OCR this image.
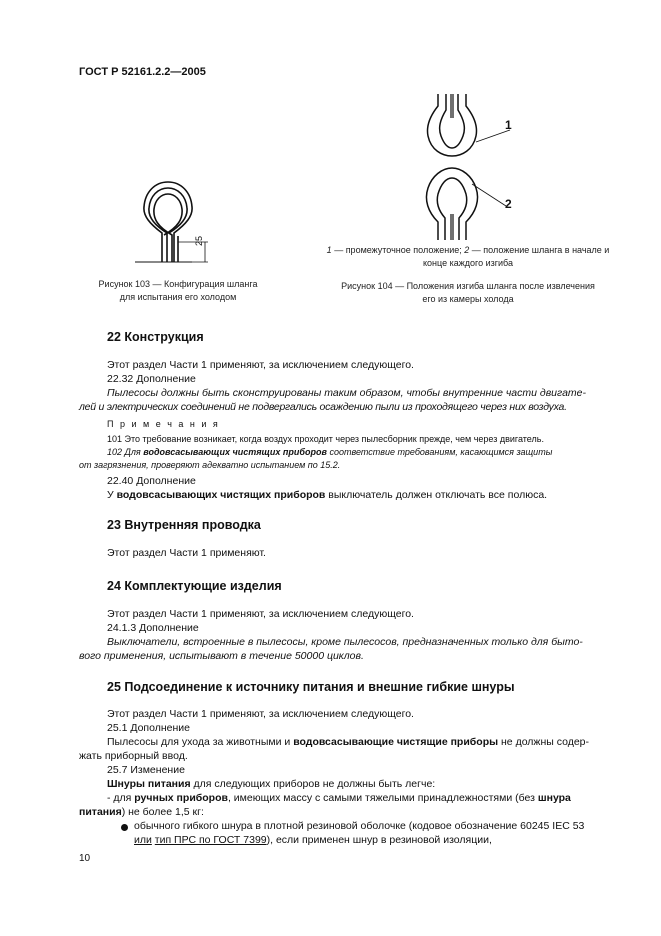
ГОСТ Р 52161.2.2—2005
25
Рисунок 103 — Конфигурация шланга
для испытания его холодом
1
2
1 — промежуточное положение; 2 — положение шланга в начале и
конце каждого изгиба
Рисунок 104 — Положения изгиба шланга после извлечения
его из камеры холода
22 Конструкция
Этот раздел Части 1 применяют, за исключением следующего.
22.32 Дополнение
Пылесосы должны быть сконструированы таким образом, чтобы внутренние части двигате-
лей и электрических соединений не подвергались осаждению пыли из проходящего через них воздуха.
П р и м е ч а н и я
101 Это требование возникает, когда воздух проходит через пылесборник прежде, чем через двигатель.
102 Для водовсасывающих чистящих приборов соответствие требованиям, касающимся защиты
от загрязнения, проверяют адекватно испытанием по 15.2.
22.40 Дополнение
У водовсасывающих чистящих приборов выключатель должен отключать все полюса.
23 Внутренняя проводка
Этот раздел Части 1 применяют.
24 Комплектующие изделия
Этот раздел Части 1 применяют, за исключением следующего.
24.1.3 Дополнение
Выключатели, встроенные в пылесосы, кроме пылесосов, предназначенных только для быто-
вого применения, испытывают в течение 50000 циклов.
25 Подсоединение к источнику питания и внешние гибкие шнуры
Этот раздел Части 1 применяют, за исключением следующего.
25.1 Дополнение
Пылесосы для ухода за животными и водовсасывающие чистящие приборы не должны содер-
жать приборный ввод.
25.7 Изменение
Шнуры питания для следующих приборов не должны быть легче:
- для ручных приборов, имеющих массу с самыми тяжелыми принадлежностями (без шнура
питания) не более 1,5 кг:
обычного гибкого шнура в плотной резиновой оболочке (кодовое обозначение 60245 IEC 53
или тип ПРС по ГОСТ 7399), если применен шнур в резиновой изоляции,
10
